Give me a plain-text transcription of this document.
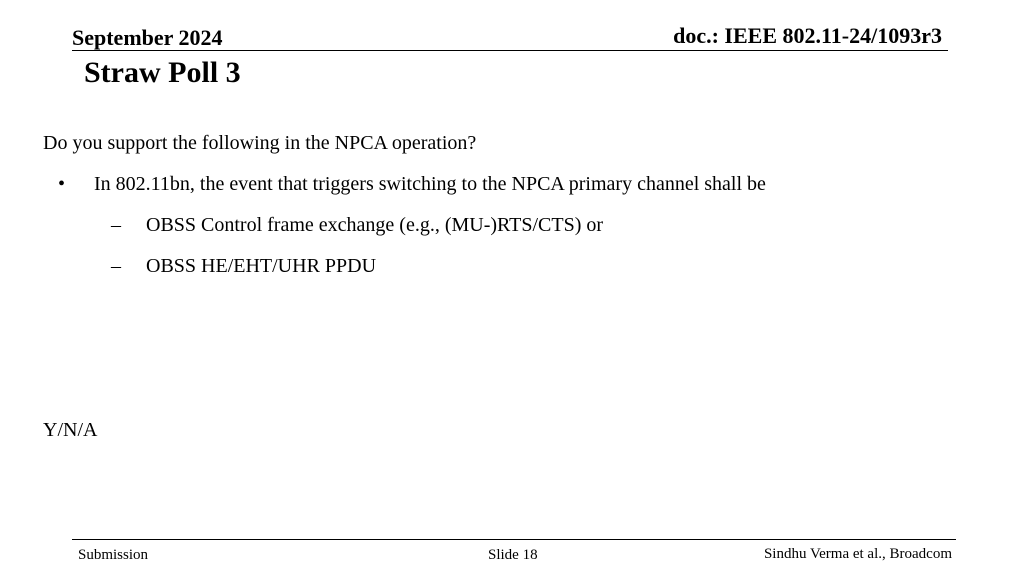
September 2024	doc.: IEEE 802.11-24/1093r3
Straw Poll 3
Do you support the following in the NPCA operation?
• In 802.11bn, the event that triggers switching to the NPCA primary channel shall be
– OBSS Control frame exchange (e.g., (MU-)RTS/CTS) or
– OBSS HE/EHT/UHR PPDU
Y/N/A
Submission	Slide 18	Sindhu Verma et al., Broadcom
